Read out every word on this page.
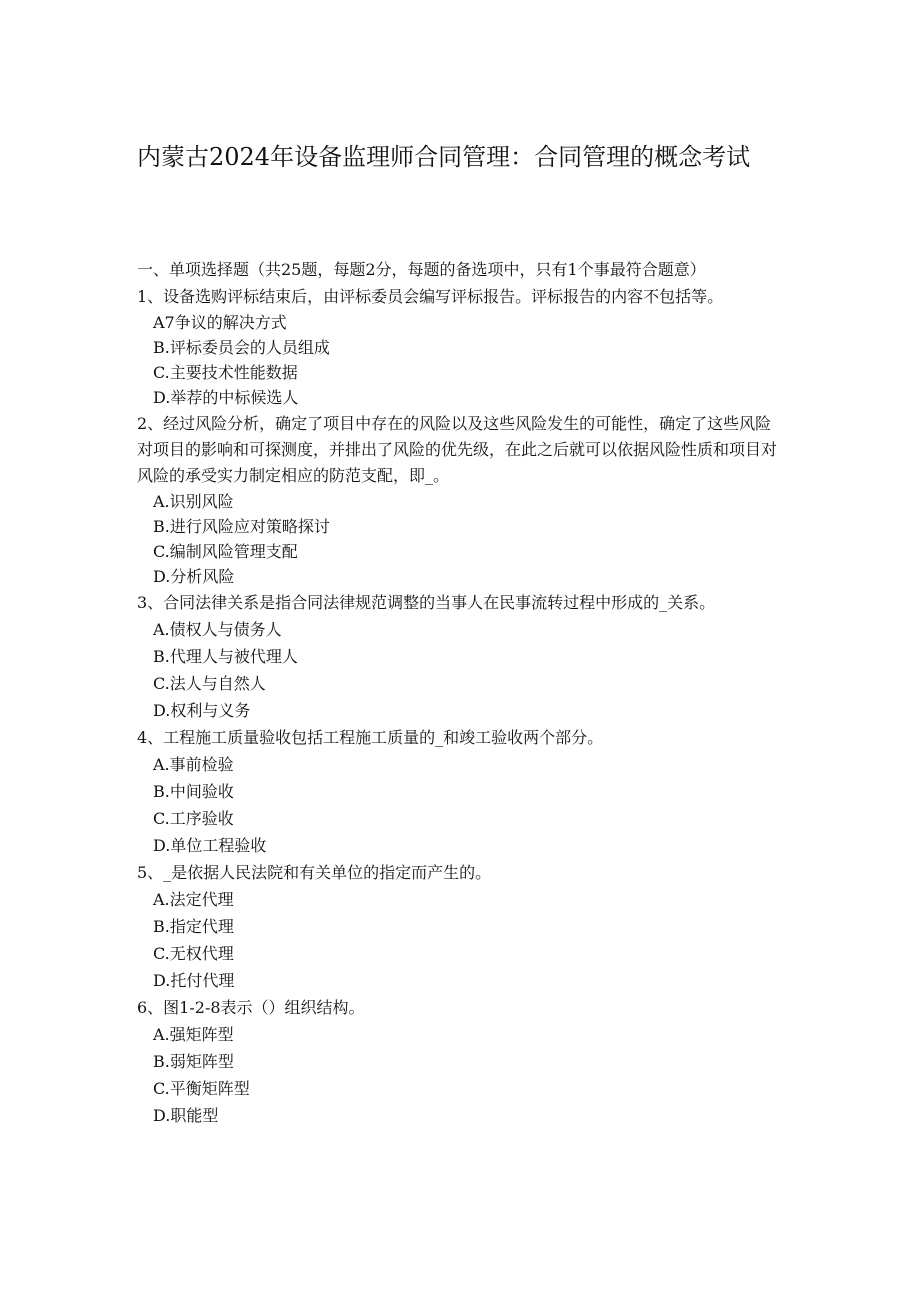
内蒙古2024年设备监理师合同管理：合同管理的概念考试

一、单项选择题（共25题，每题2分，每题的备选项中，只有1个事最符合题意）

1、设备选购评标结束后，由评标委员会编写评标报告。评标报告的内容不包括等。

A7争议的解决方式

B.评标委员会的人员组成

C.主要技术性能数据

D.举荐的中标候选人

2、经过风险分析，确定了项目中存在的风险以及这些风险发生的可能性，确定了这些风险对项目的影响和可探测度，并排出了风险的优先级，在此之后就可以依据风险性质和项目对风险的承受实力制定相应的防范支配，即_。

A.识别风险

B.进行风险应对策略探讨

C.编制风险管理支配

D.分析风险

3、合同法律关系是指合同法律规范调整的当事人在民事流转过程中形成的_关系。

A.债权人与债务人

B.代理人与被代理人

C.法人与自然人

D.权利与义务

4、工程施工质量验收包括工程施工质量的_和竣工验收两个部分。

A.事前检验

B.中间验收

C.工序验收

D.单位工程验收

5、_是依据人民法院和有关单位的指定而产生的。

A.法定代理

B.指定代理

C.无权代理

D.托付代理

6、图1-2-8表示（）组织结构。

A.强矩阵型

B.弱矩阵型

C.平衡矩阵型

D.职能型
